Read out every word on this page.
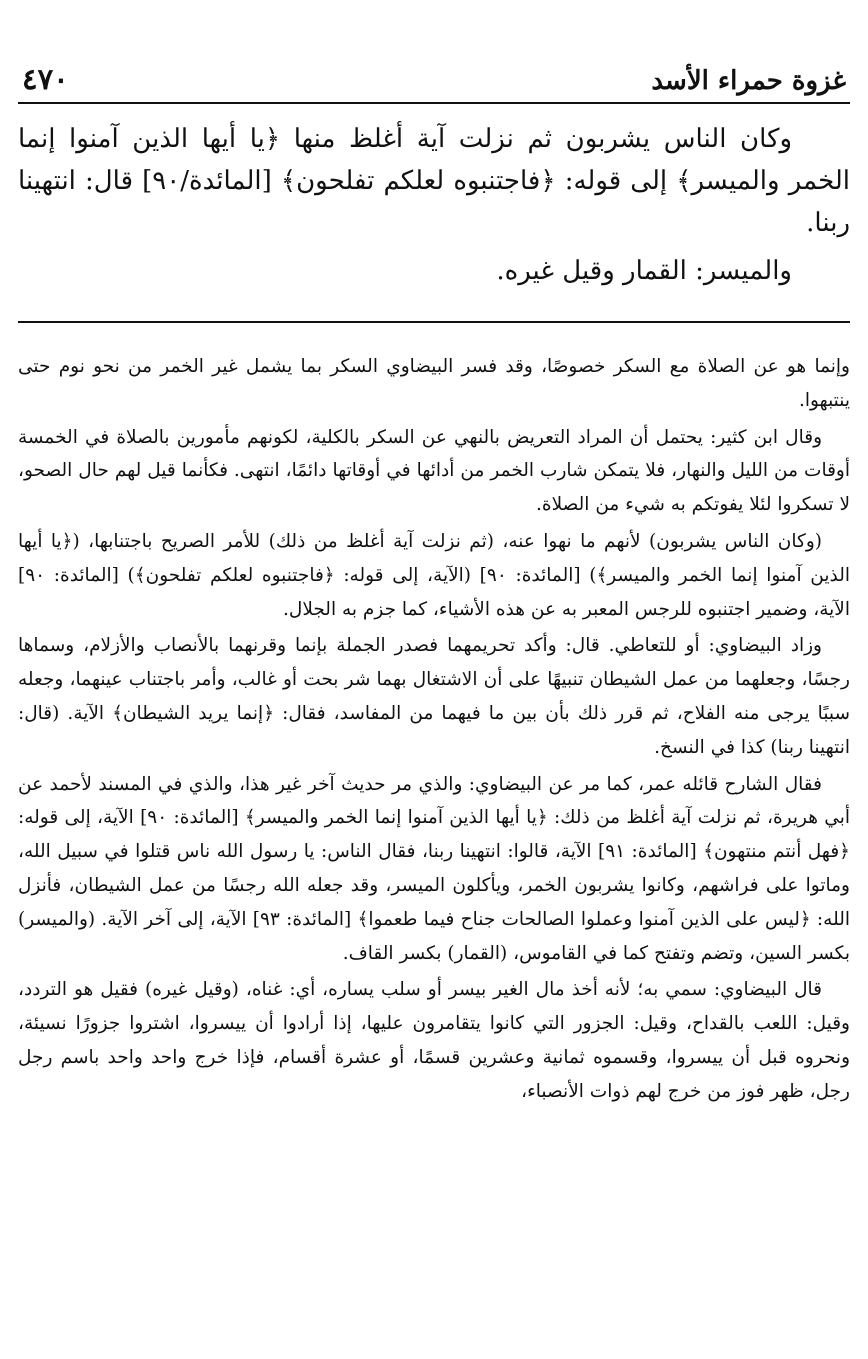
غزوة حمراء الأسد
٤٧٠

وكان الناس يشربون ثم نزلت آية أغلظ منها ﴿يا أيها الذين آمنوا إنما الخمر والميسر﴾ إلى قوله: ﴿فاجتنبوه لعلكم تفلحون﴾ [المائدة/٩٠] قال: انتهينا ربنا.

والميسر: القمار وقيل غيره.

وإنما هو عن الصلاة مع السكر خصوصًا، وقد فسر البيضاوي السكر بما يشمل غير الخمر من نحو نوم حتى ينتبهوا.

وقال ابن كثير: يحتمل أن المراد التعريض بالنهي عن السكر بالكلية، لكونهم مأمورين بالصلاة في الخمسة أوقات من الليل والنهار، فلا يتمكن شارب الخمر من أدائها في أوقاتها دائمًا، انتهى. فكأنما قيل لهم حال الصحو، لا تسكروا لئلا يفوتكم به شيء من الصلاة.

(وكان الناس يشربون) لأنهم ما نهوا عنه، (ثم نزلت آية أغلظ من ذلك) للأمر الصريح باجتنابها، (﴿يا أيها الذين آمنوا إنما الخمر والميسر﴾) [المائدة: ٩٠] (الآية، إلى قوله: ﴿فاجتنبوه لعلكم تفلحون﴾) [المائدة: ٩٠] الآية، وضمير اجتنبوه للرجس المعبر به عن هذه الأشياء، كما جزم به الجلال.

وزاد البيضاوي: أو للتعاطي. قال: وأكد تحريمهما فصدر الجملة بإنما وقرنهما بالأنصاب والأزلام، وسماها رجسًا، وجعلهما من عمل الشيطان تنبيهًا على أن الاشتغال بهما شر بحت أو غالب، وأمر باجتناب عينهما، وجعله سببًا يرجى منه الفلاح، ثم قرر ذلك بأن بين ما فيهما من المفاسد، فقال: ﴿إنما يريد الشيطان﴾ الآية. (قال: انتهينا ربنا) كذا في النسخ.

فقال الشارح قائله عمر، كما مر عن البيضاوي: والذي مر حديث آخر غير هذا، والذي في المسند لأحمد عن أبي هريرة، ثم نزلت آية أغلظ من ذلك: ﴿يا أيها الذين آمنوا إنما الخمر والميسر﴾ [المائدة: ٩٠] الآية، إلى قوله: ﴿فهل أنتم منتهون﴾ [المائدة: ٩١] الآية، قالوا: انتهينا ربنا، فقال الناس: يا رسول الله ناس قتلوا في سبيل الله، وماتوا على فراشهم، وكانوا يشربون الخمر، ويأكلون الميسر، وقد جعله الله رجسًا من عمل الشيطان، فأنزل الله: ﴿ليس على الذين آمنوا وعملوا الصالحات جناح فيما طعموا﴾ [المائدة: ٩٣] الآية، إلى آخر الآية. (والميسر) بكسر السين، وتضم وتفتح كما في القاموس، (القمار) بكسر القاف.

قال البيضاوي: سمي به؛ لأنه أخذ مال الغير بيسر أو سلب يساره، أي: غناه، (وقيل غيره) فقيل هو التردد، وقيل: اللعب بالقداح، وقيل: الجزور التي كانوا يتقامرون عليها، إذا أرادوا أن ييسروا، اشتروا جزورًا نسيئة، ونحروه قبل أن ييسروا، وقسموه ثمانية وعشرين قسمًا، أو عشرة أقسام، فإذا خرج واحد واحد باسم رجل رجل، ظهر فوز من خرج لهم ذوات الأنصباء،
